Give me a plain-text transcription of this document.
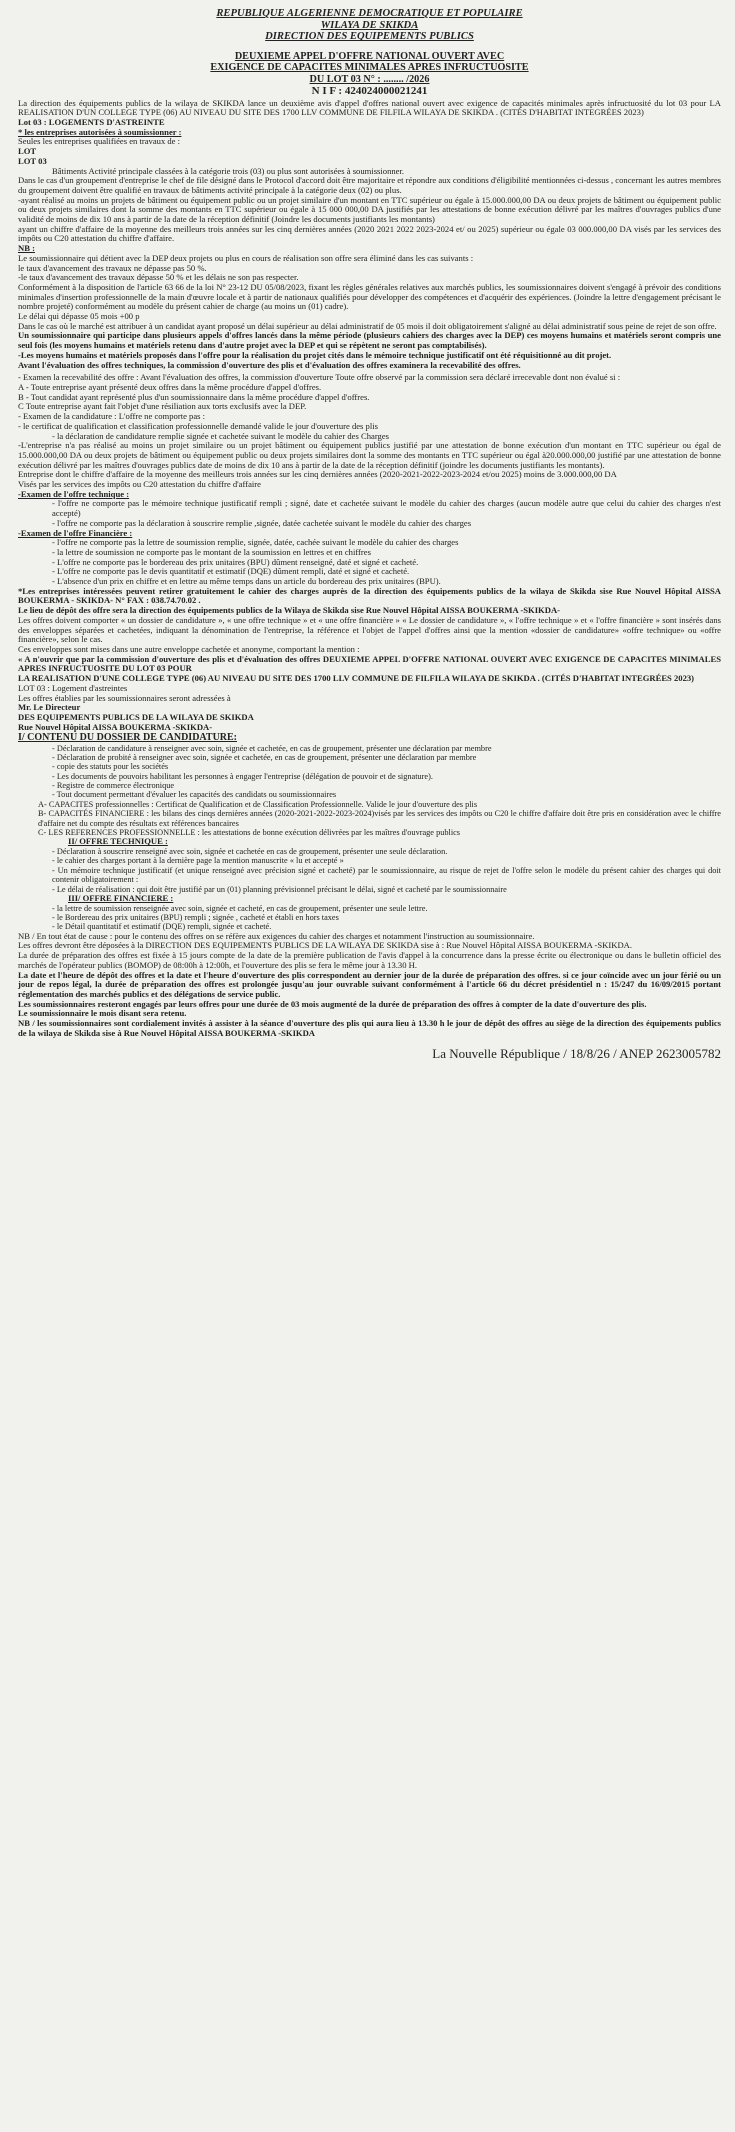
REPUBLIQUE ALGERIENNE DEMOCRATIQUE ET POPULAIRE
WILAYA DE SKIKDA
DIRECTION DES EQUIPEMENTS PUBLICS
DEUXIEME APPEL D'OFFRE NATIONAL OUVERT AVEC
EXIGENCE DE CAPACITES MINIMALES APRES INFRUCTUOSITE
DU LOT 03 N° : ........ /2026
N I F : 424024000021241

La direction des équipements publics de la wilaya de SKIKDA lance un deuxième avis d'appel d'offres national ouvert avec exigence de capacités minimales après infructuosité du lot 03 pour LA REALISATION D'UN COLLEGE TYPE (06) AU NIVEAU DU SITE DES 1700 LLV COMMUNE DE FILFILA WILAYA DE SKIKDA . (CITÉS D'HABITAT INTEGRÉES 2023)

Lot 03 : LOGEMENTS D'ASTREINTE

* les entreprises autorisées à soumissionner :

Seules les entreprises qualifiées en travaux de :

LOT

LOT 03

Bâtiments Activité principale classées à la catégorie trois (03) ou plus sont autorisées à soumissionner.

Dans le cas d'un groupement d'entreprise le chef de file désigné dans le Protocol d'accord doit être majoritaire et répondre aux conditions d'éligibilité mentionnées ci-dessus , concernant les autres membres du groupement doivent être qualifié en travaux de bâtiments activité principale à la catégorie deux (02) ou plus.

-ayant réalisé au moins un projets de bâtiment ou équipement public ou un projet similaire d'un montant en TTC supérieur ou égale à 15.000.000,00 DA ou deux projets de bâtiment ou équipement public ou deux projets similaires dont la somme des montants en TTC supérieur ou égale à 15 000 000,00 DA justifiés par les attestations de bonne exécution délivré par les maîtres d'ouvrages publics d'une validité de moins de dix 10 ans à partir de la date de la réception définitif (Joindre les documents justifiants les montants)

ayant un chiffre d'affaire de la moyenne des meilleurs trois années sur les cinq dernières années (2020 2021 2022 2023-2024 et/ ou 2025) supérieur ou égale 03 000.000,00 DA visés par les services des impôts ou C20 attestation du chiffre d'affaire.

NB :

Le soumissionnaire qui détient avec la DEP deux projets ou plus en cours de réalisation son offre sera éliminé dans les cas suivants :

le taux d'avancement des travaux ne dépasse pas 50 %.

-le taux d'avancement des travaux dépasse 50 % et les délais ne son pas respecter.

Conformément à la disposition de l'article 63 66 de la loi N° 23-12 DU 05/08/2023, fixant les règles générales relatives aux marchés publics, les soumissionnaires doivent s'engagé à prévoir des conditions minimales d'insertion professionnelle de la main d'œuvre locale et à partir de nationaux qualifiés pour développer des compétences et d'acquérir des expériences. (Joindre la lettre d'engagement précisant le nombre projeté) conformément au modèle du présent cahier de charge (au moins un (01) cadre).

Le délai qui dépasse 05 mois +00 p

Dans le cas où le marché est attribuer à un candidat ayant proposé un délai supérieur au délai administratif de 05 mois il doit obligatoirement s'aligné au délai administratif sous peine de rejet de son offre.

Un soumissionnaire qui participe dans plusieurs appels d'offres lancés dans la même période (plusieurs cahiers des charges avec la DEP) ces moyens humains et matériels seront compris une seul fois (les moyens humains et matériels retenu dans d'autre projet avec la DEP et qui se répètent ne seront pas comptabilisés).

-Les moyens humains et matériels proposés dans l'offre pour la réalisation du projet cités dans le mémoire technique justificatif ont été réquisitionné au dit projet.

Avant l'évaluation des offres techniques, la commission d'ouverture des plis et d'évaluation des offres examinera la recevabilité des offres.

- Examen la recevabilité des offre : Avant l'évaluation des offres, la commission d'ouverture Toute offre observé par la commission sera déclaré irrecevable dont non évalué si :

A - Toute entreprise ayant présenté deux offres dans la même procédure d'appel d'offres.

B - Tout candidat ayant représenté plus d'un soumissionnaire dans la même procédure d'appel d'offres.

C Toute entreprise ayant fait l'objet d'une résiliation aux torts exclusifs avec la DEP.

- Examen de la candidature : L'offre ne comporte pas :

- le certificat de qualification et classification professionnelle demandé valide le jour d'ouverture des plis

- la déclaration de candidature remplie signée et cachetée suivant le modèle du cahier des Charges

-L'entreprise n'a pas réalisé au moins un projet similaire ou un projet bâtiment ou équipement publics justifié par une attestation de bonne exécution d'un montant en TTC supérieur ou égal de 15.000.000,00 DA ou deux projets de bâtiment ou équipement public ou deux projets similaires dont la somme des montants en TTC supérieur ou égal à20.000.000,00 justifié par une attestation de bonne exécution délivré par les maîtres d'ouvrages publics date de moins de dix 10 ans à partir de la date de la réception définitif (joindre les documents justifiants les montants).

Entreprise dont le chiffre d'affaire de la moyenne des meilleurs trois années sur les cinq dernières années (2020-2021-2022-2023-2024 et/ou 2025) moins de 3.000.000,00 DA

Visés par les services des impôts ou C20 attestation du chiffre d'affaire

-Examen de l'offre technique :

- l'offre ne comporte pas le mémoire technique justificatif rempli ; signé, date et cachetée suivant le modèle du cahier des charges (aucun modèle autre que celui du cahier des charges n'est accepté)

- l'offre ne comporte pas la déclaration à souscrire remplie ,signée, datée cachetée suivant le modèle du cahier des charges

-Examen de l'offre Financière :

- l'offre ne comporte pas la lettre de soumission remplie, signée, datée, cachée suivant le modèle du cahier des charges

- la lettre de soumission ne comporte pas le montant de la soumission en lettres et en chiffres

- L'offre ne comporte pas le bordereau des prix unitaires (BPU) dûment renseigné, daté et signé et cacheté.

- L'offre ne comporte pas le devis quantitatif et estimatif (DQE) dûment rempli, daté et signé et cacheté.

- L'absence d'un prix en chiffre et en lettre au même temps dans un article du bordereau des prix unitaires (BPU).

*Les entreprises intéressées peuvent retirer gratuitement le cahier des charges auprès de la direction des équipements publics de la wilaya de Skikda sise Rue Nouvel Hôpital AISSA BOUKERMA - SKIKDA- N° FAX : 038.74.70.02 .

Le lieu de dépôt des offre sera la direction des équipements publics de la Wilaya de Skikda sise Rue Nouvel Hôpital AISSA BOUKERMA -SKIKDA-

Les offres doivent comporter « un dossier de candidature », « une offre technique » et « une offre financière » « Le dossier de candidature », « l'offre technique » et « l'offre financière » sont insérés dans des enveloppes séparées et cachetées, indiquant la dénomination de l'entreprise, la référence et l'objet de l'appel d'offres ainsi que la mention «dossier de candidature» «offre technique» ou «offre financière», selon le cas.

Ces enveloppes sont mises dans une autre enveloppe cachetée et anonyme, comportant la mention :

« A n'ouvrir que par la commission d'ouverture des plis et d'évaluation des offres DEUXIEME APPEL D'OFFRE NATIONAL OUVERT AVEC EXIGENCE DE CAPACITES MINIMALES APRES INFRUCTUOSITE DU LOT 03 POUR

LA REALISATION D'UNE COLLEGE TYPE (06) AU NIVEAU DU SITE DES 1700 LLV COMMUNE DE FILFILA WILAYA DE SKIKDA . (CITÉS D'HABITAT INTEGRÉES 2023)

LOT 03 : Logement d'astreintes

Les offres établies par les soumissionnaires seront adressées à

Mr. Le Directeur

DES EQUIPEMENTS PUBLICS DE LA WILAYA DE SKIKDA

Rue Nouvel Hôpital AISSA BOUKERMA -SKIKDA-

I/ CONTENU DU DOSSIER DE CANDIDATURE:

- Déclaration de candidature à renseigner avec soin, signée et cachetée, en cas de groupement, présenter une déclaration par membre

- Déclaration de probité à renseigner avec soin, signée et cachetée, en cas de groupement, présenter une déclaration par membre

- copie des statuts pour les sociétés

- Les documents de pouvoirs habilitant les personnes à engager l'entreprise (délégation de pouvoir et de signature).

- Registre de commerce électronique

- Tout document permettant d'évaluer les capacités des candidats ou soumissionnaires

A- CAPACITES professionnelles : Certificat de Qualification et de Classification Professionnelle. Valide le jour d'ouverture des plis

B- CAPACITÉS FINANCIERE : les bilans des cinqs dernières années (2020-2021-2022-2023-2024)visés par les services des impôts ou C20 le chiffre d'affaire doit être pris en considération avec le chiffre d'affaire net du compte des résultats ext références bancaires

C- LES REFERENCES PROFESSIONNELLE : les attestations de bonne exécution délivrées par les maîtres d'ouvrage publics

II/ OFFRE TECHNIQUE :

- Déclaration à souscrire renseigné avec soin, signée et cachetée en cas de groupement, présenter une seule déclaration.

- le cahier des charges portant à la dernière page la mention manuscrite « lu et accepté »

- Un mémoire technique justificatif (et unique renseigné avec précision signé et cacheté) par le soumissionnaire, au risque de rejet de l'offre selon le modèle du présent cahier des charges qui doit contenir obligatoirement :

- Le délai de réalisation : qui doit être justifié par un (01) planning prévisionnel précisant le délai, signé et cacheté par le soumissionnaire

III/ OFFRE FINANCIERE :

- la lettre de soumission renseignée avec soin, signée et cacheté, en cas de groupement, présenter une seule lettre.

- le Bordereau des prix unitaires (BPU) rempli ; signée , cacheté et établi en hors taxes

- le Détail quantitatif et estimatif (DQE) rempli, signée et cacheté.

NB / En tout état de cause : pour le contenu des offres on se réfère aux exigences du cahier des charges et notamment l'instruction au soumissionnaire.

Les offres devront être déposées à la DIRECTION DES EQUIPEMENTS PUBLICS DE LA WILAYA DE SKIKDA sise à : Rue Nouvel Hôpital AISSA BOUKERMA -SKIKDA.

La durée de préparation des offres est fixée à 15 jours compte de la date de la première publication de l'avis d'appel à la concurrence dans la presse écrite ou électronique ou dans le bulletin officiel des marchés de l'opérateur publics (BOMOP) de 08:00h à 12:00h, et l'ouverture des plis se fera le même jour à 13.30 H.

La date et l'heure de dépôt des offres et la date et l'heure d'ouverture des plis correspondent au dernier jour de la durée de préparation des offres. si ce jour coïncide avec un jour férié ou un jour de repos légal, la durée de préparation des offres est prolongée jusqu'au jour ouvrable suivant conformément à l'article 66 du décret présidentiel n : 15/247 du 16/09/2015 portant réglementation des marchés publics et des délégations de service public.

Les soumissionnaires resteront engagés par leurs offres pour une durée de 03 mois augmenté de la durée de préparation des offres à compter de la date d'ouverture des plis.

Le soumissionnaire le mois disant sera retenu.

NB / les soumissionnaires sont cordialement invités à assister à la séance d'ouverture des plis qui aura lieu à 13.30 h le jour de dépôt des offres au siège de la direction des équipements publics de la wilaya de Skikda sise à Rue Nouvel Hôpital AISSA BOUKERMA -SKIKDA

La Nouvelle République / 18/8/26 / ANEP 2623005782
